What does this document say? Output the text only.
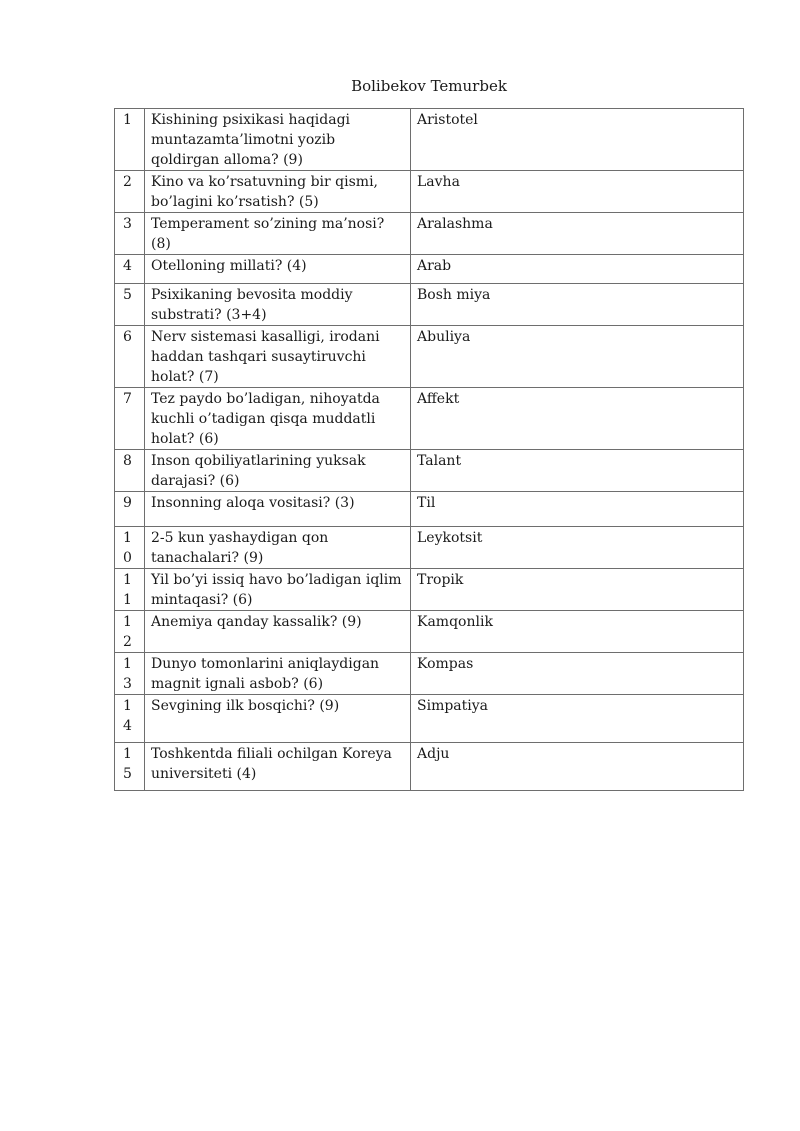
Bolibekov Temurbek
1	Kishining psixikasi haqidagi muntazamta’limotni yozib qoldirgan alloma? (9)	Aristotel
2	Kino va ko’rsatuvning bir qismi, bo’lagini ko’rsatish? (5)	Lavha
3	Temperament so’zining ma’nosi? (8)	Aralashma
4	Otelloning millati? (4)	Arab
5	Psixikaning bevosita moddiy substrati? (3+4)	Bosh miya
6	Nerv sistemasi kasalligi, irodani haddan tashqari susaytiruvchi holat? (7)	Abuliya
7	Tez paydo bo’ladigan, nihoyatda kuchli o’tadigan qisqa muddatli holat? (6)	Affekt
8	Inson qobiliyatlarining yuksak darajasi? (6)	Talant
9	Insonning aloqa vositasi? (3)	Til
10	2-5 kun yashaydigan qon tanachalari? (9)	Leykotsit
11	Yil bo’yi issiq havo bo’ladigan iqlim mintaqasi? (6)	Tropik
12	Anemiya qanday kassalik? (9)	Kamqonlik
13	Dunyo tomonlarini aniqlaydigan magnit ignali asbob? (6)	Kompas
14	Sevgining ilk bosqichi? (9)	Simpatiya
15	Toshkentda filiali ochilgan Koreya universiteti (4)	Adju
